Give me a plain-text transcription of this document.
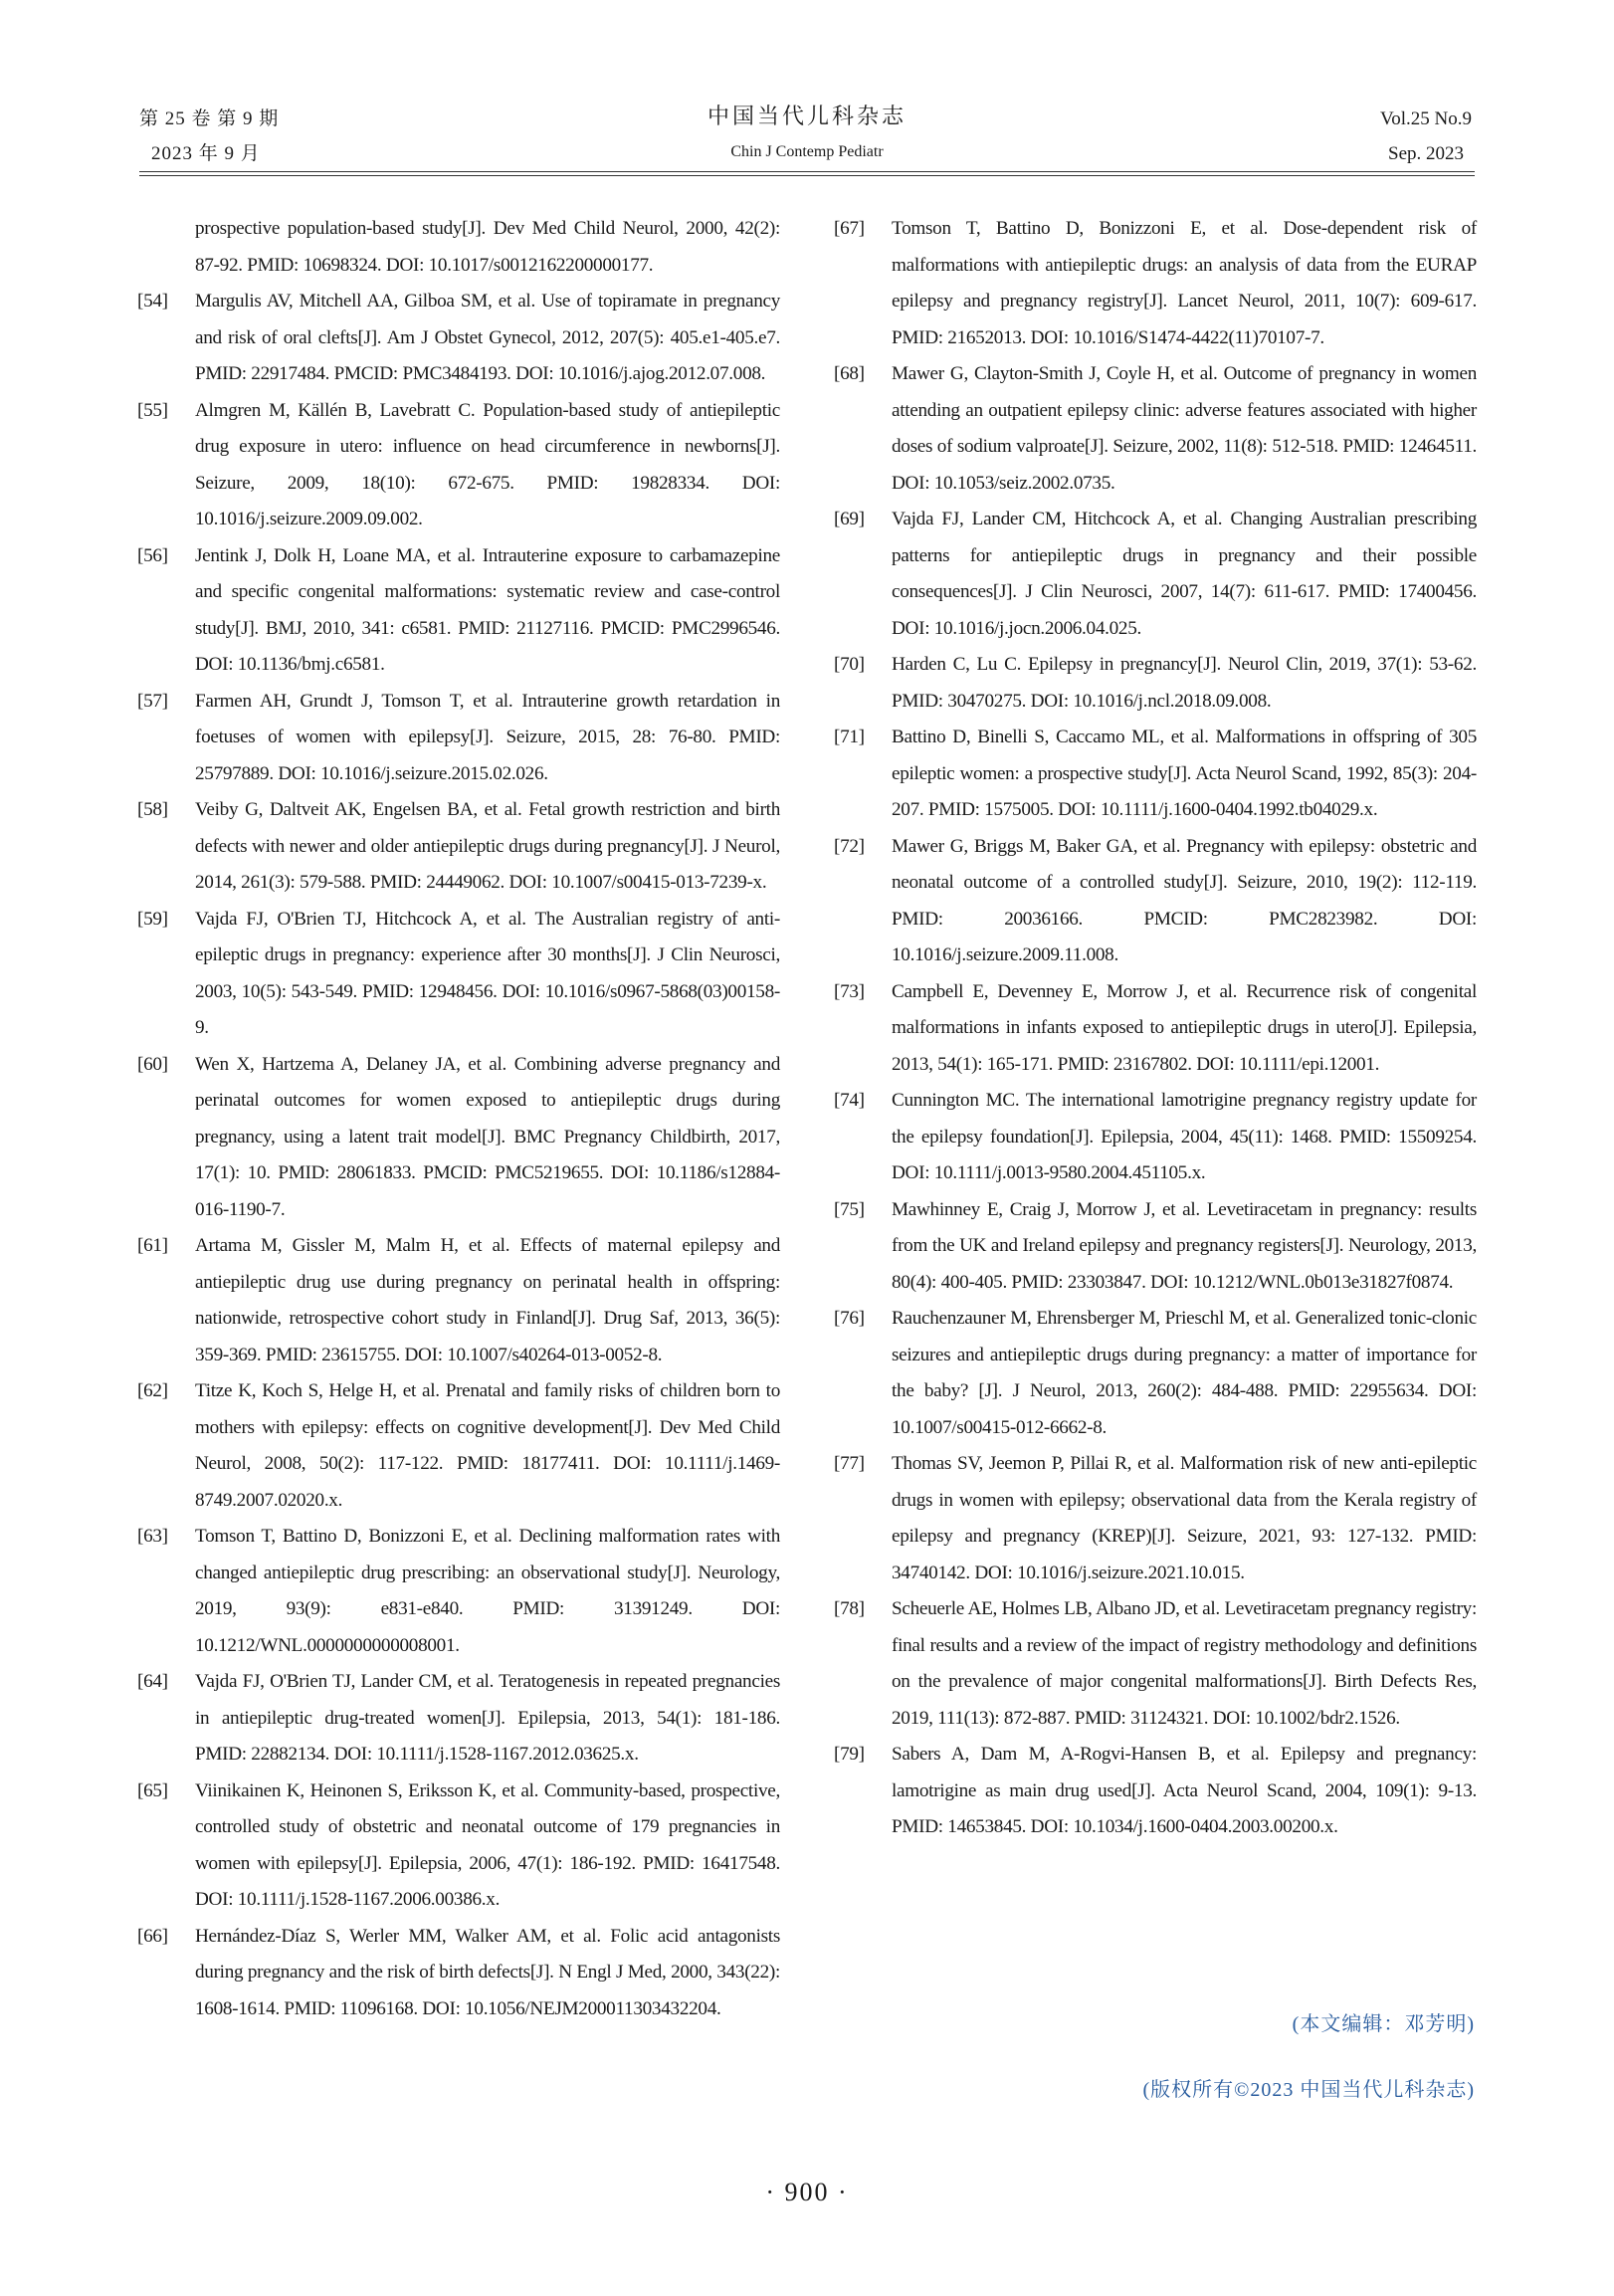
第 25 卷 第 9 期
2023 年 9 月
中国当代儿科杂志
Chin J Contemp Pediatr
Vol.25 No.9
Sep. 2023
prospective population-based study[J]. Dev Med Child Neurol, 2000, 42(2): 87-92. PMID: 10698324. DOI: 10.1017/s0012162200000177.
[54] Margulis AV, Mitchell AA, Gilboa SM, et al. Use of topiramate in pregnancy and risk of oral clefts[J]. Am J Obstet Gynecol, 2012, 207(5): 405.e1-405.e7. PMID: 22917484. PMCID: PMC3484193. DOI: 10.1016/j.ajog.2012.07.008.
[55] Almgren M, Källén B, Lavebratt C. Population-based study of antiepileptic drug exposure in utero: influence on head circumference in newborns[J]. Seizure, 2009, 18(10): 672-675. PMID: 19828334. DOI: 10.1016/j.seizure.2009.09.002.
[56] Jentink J, Dolk H, Loane MA, et al. Intrauterine exposure to carbamazepine and specific congenital malformations: systematic review and case-control study[J]. BMJ, 2010, 341: c6581. PMID: 21127116. PMCID: PMC2996546. DOI: 10.1136/bmj.c6581.
[57] Farmen AH, Grundt J, Tomson T, et al. Intrauterine growth retardation in foetuses of women with epilepsy[J]. Seizure, 2015, 28: 76-80. PMID: 25797889. DOI: 10.1016/j.seizure.2015.02.026.
[58] Veiby G, Daltveit AK, Engelsen BA, et al. Fetal growth restriction and birth defects with newer and older antiepileptic drugs during pregnancy[J]. J Neurol, 2014, 261(3): 579-588. PMID: 24449062. DOI: 10.1007/s00415-013-7239-x.
[59] Vajda FJ, O'Brien TJ, Hitchcock A, et al. The Australian registry of anti-epileptic drugs in pregnancy: experience after 30 months[J]. J Clin Neurosci, 2003, 10(5): 543-549. PMID: 12948456. DOI: 10.1016/s0967-5868(03)00158-9.
[60] Wen X, Hartzema A, Delaney JA, et al. Combining adverse pregnancy and perinatal outcomes for women exposed to antiepileptic drugs during pregnancy, using a latent trait model[J]. BMC Pregnancy Childbirth, 2017, 17(1): 10. PMID: 28061833. PMCID: PMC5219655. DOI: 10.1186/s12884-016-1190-7.
[61] Artama M, Gissler M, Malm H, et al. Effects of maternal epilepsy and antiepileptic drug use during pregnancy on perinatal health in offspring: nationwide, retrospective cohort study in Finland[J]. Drug Saf, 2013, 36(5): 359-369. PMID: 23615755. DOI: 10.1007/s40264-013-0052-8.
[62] Titze K, Koch S, Helge H, et al. Prenatal and family risks of children born to mothers with epilepsy: effects on cognitive development[J]. Dev Med Child Neurol, 2008, 50(2): 117-122. PMID: 18177411. DOI: 10.1111/j.1469-8749.2007.02020.x.
[63] Tomson T, Battino D, Bonizzoni E, et al. Declining malformation rates with changed antiepileptic drug prescribing: an observational study[J]. Neurology, 2019, 93(9): e831-e840. PMID: 31391249. DOI: 10.1212/WNL.0000000000008001.
[64] Vajda FJ, O'Brien TJ, Lander CM, et al. Teratogenesis in repeated pregnancies in antiepileptic drug-treated women[J]. Epilepsia, 2013, 54(1): 181-186. PMID: 22882134. DOI: 10.1111/j.1528-1167.2012.03625.x.
[65] Viinikainen K, Heinonen S, Eriksson K, et al. Community-based, prospective, controlled study of obstetric and neonatal outcome of 179 pregnancies in women with epilepsy[J]. Epilepsia, 2006, 47(1): 186-192. PMID: 16417548. DOI: 10.1111/j.1528-1167.2006.00386.x.
[66] Hernández-Díaz S, Werler MM, Walker AM, et al. Folic acid antagonists during pregnancy and the risk of birth defects[J]. N Engl J Med, 2000, 343(22): 1608-1614. PMID: 11096168. DOI: 10.1056/NEJM200011303432204.
[67] Tomson T, Battino D, Bonizzoni E, et al. Dose-dependent risk of malformations with antiepileptic drugs: an analysis of data from the EURAP epilepsy and pregnancy registry[J]. Lancet Neurol, 2011, 10(7): 609-617. PMID: 21652013. DOI: 10.1016/S1474-4422(11)70107-7.
[68] Mawer G, Clayton-Smith J, Coyle H, et al. Outcome of pregnancy in women attending an outpatient epilepsy clinic: adverse features associated with higher doses of sodium valproate[J]. Seizure, 2002, 11(8): 512-518. PMID: 12464511. DOI: 10.1053/seiz.2002.0735.
[69] Vajda FJ, Lander CM, Hitchcock A, et al. Changing Australian prescribing patterns for antiepileptic drugs in pregnancy and their possible consequences[J]. J Clin Neurosci, 2007, 14(7): 611-617. PMID: 17400456. DOI: 10.1016/j.jocn.2006.04.025.
[70] Harden C, Lu C. Epilepsy in pregnancy[J]. Neurol Clin, 2019, 37(1): 53-62. PMID: 30470275. DOI: 10.1016/j.ncl.2018.09.008.
[71] Battino D, Binelli S, Caccamo ML, et al. Malformations in offspring of 305 epileptic women: a prospective study[J]. Acta Neurol Scand, 1992, 85(3): 204-207. PMID: 1575005. DOI: 10.1111/j.1600-0404.1992.tb04029.x.
[72] Mawer G, Briggs M, Baker GA, et al. Pregnancy with epilepsy: obstetric and neonatal outcome of a controlled study[J]. Seizure, 2010, 19(2): 112-119. PMID: 20036166. PMCID: PMC2823982. DOI: 10.1016/j.seizure.2009.11.008.
[73] Campbell E, Devenney E, Morrow J, et al. Recurrence risk of congenital malformations in infants exposed to antiepileptic drugs in utero[J]. Epilepsia, 2013, 54(1): 165-171. PMID: 23167802. DOI: 10.1111/epi.12001.
[74] Cunnington MC. The international lamotrigine pregnancy registry update for the epilepsy foundation[J]. Epilepsia, 2004, 45(11): 1468. PMID: 15509254. DOI: 10.1111/j.0013-9580.2004.451105.x.
[75] Mawhinney E, Craig J, Morrow J, et al. Levetiracetam in pregnancy: results from the UK and Ireland epilepsy and pregnancy registers[J]. Neurology, 2013, 80(4): 400-405. PMID: 23303847. DOI: 10.1212/WNL.0b013e31827f0874.
[76] Rauchenzauner M, Ehrensberger M, Prieschl M, et al. Generalized tonic-clonic seizures and antiepileptic drugs during pregnancy: a matter of importance for the baby? [J]. J Neurol, 2013, 260(2): 484-488. PMID: 22955634. DOI: 10.1007/s00415-012-6662-8.
[77] Thomas SV, Jeemon P, Pillai R, et al. Malformation risk of new anti-epileptic drugs in women with epilepsy; observational data from the Kerala registry of epilepsy and pregnancy (KREP)[J]. Seizure, 2021, 93: 127-132. PMID: 34740142. DOI: 10.1016/j.seizure.2021.10.015.
[78] Scheuerle AE, Holmes LB, Albano JD, et al. Levetiracetam pregnancy registry: final results and a review of the impact of registry methodology and definitions on the prevalence of major congenital malformations[J]. Birth Defects Res, 2019, 111(13): 872-887. PMID: 31124321. DOI: 10.1002/bdr2.1526.
[79] Sabers A, Dam M, A-Rogvi-Hansen B, et al. Epilepsy and pregnancy: lamotrigine as main drug used[J]. Acta Neurol Scand, 2004, 109(1): 9-13. PMID: 14653845. DOI: 10.1034/j.1600-0404.2003.00200.x.
(本文编辑：邓芳明)
(版权所有©2023 中国当代儿科杂志)
· 900 ·
